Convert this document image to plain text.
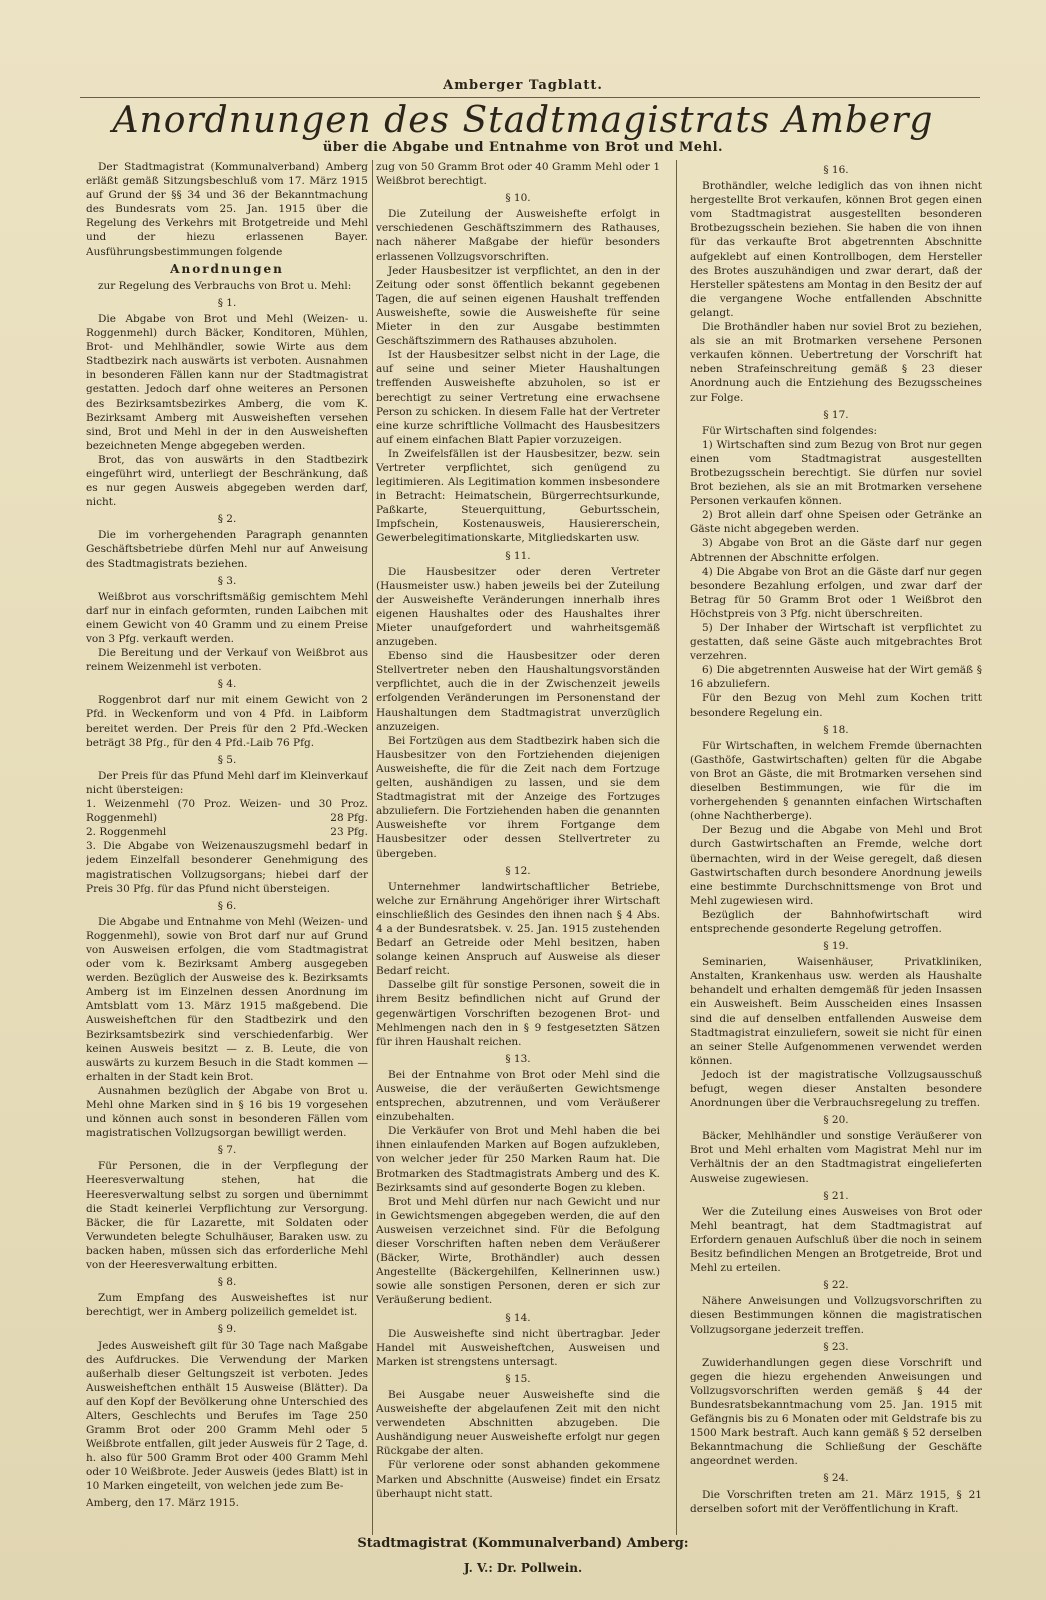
Amberger Tagblatt.
Anordnungen des Stadtmagistrats Amberg
über die Abgabe und Entnahme von Brot und Mehl.

Der Stadtmagistrat (Kommunalverband) Amberg erläßt gemäß Sitzungsbeschluß vom 17. März 1915 auf Grund der §§ 34 und 36 der Bekanntmachung des Bundesrats vom 25. Jan. 1915 über die Regelung des Verkehrs mit Brotgetreide und Mehl und der hiezu erlassenen Bayer. Ausführungsbestimmungen folgende

Anordnungen

zur Regelung des Verbrauchs von Brot u. Mehl:

§ 1.

Die Abgabe von Brot und Mehl (Weizen- u. Roggenmehl) durch Bäcker, Konditoren, Mühlen, Brot- und Mehlhändler, sowie Wirte aus dem Stadtbezirk nach auswärts ist verboten. Ausnahmen in besonderen Fällen kann nur der Stadtmagistrat gestatten. Jedoch darf ohne weiteres an Personen des Bezirksamtsbezirkes Amberg, die vom K. Bezirksamt Amberg mit Ausweisheften versehen sind, Brot und Mehl in der in den Ausweisheften bezeichneten Menge abgegeben werden.

Brot, das von auswärts in den Stadtbezirk eingeführt wird, unterliegt der Beschränkung, daß es nur gegen Ausweis abgegeben werden darf, nicht.

§ 2.

Die im vorhergehenden Paragraph genannten Geschäftsbetriebe dürfen Mehl nur auf Anweisung des Stadtmagistrats beziehen.

§ 3.

Weißbrot aus vorschriftsmäßig gemischtem Mehl darf nur in einfach geformten, runden Laibchen mit einem Gewicht von 40 Gramm und zu einem Preise von 3 Pfg. verkauft werden.

Die Bereitung und der Verkauf von Weißbrot aus reinem Weizenmehl ist verboten.

§ 4.

Roggenbrot darf nur mit einem Gewicht von 2 Pfd. in Weckenform und von 4 Pfd. in Laibform bereitet werden. Der Preis für den 2 Pfd.-Wecken beträgt 38 Pfg., für den 4 Pfd.-Laib 76 Pfg.

§ 5.

Der Preis für das Pfund Mehl darf im Kleinverkauf nicht übersteigen:

1. Weizenmehl (70 Proz. Weizen- und 30 Proz. Roggenmehl)	28 Pfg.
2. Roggenmehl	23 Pfg.
3. Die Abgabe von Weizenauszugsmehl bedarf in jedem Einzelfall besonderer Genehmigung des magistratischen Vollzugsorgans; hiebei darf der Preis 30 Pfg. für das Pfund nicht übersteigen.

§ 6.

Die Abgabe und Entnahme von Mehl (Weizen- und Roggenmehl), sowie von Brot darf nur auf Grund von Ausweisen erfolgen, die vom Stadtmagistrat oder vom k. Bezirksamt Amberg ausgegeben werden. Bezüglich der Ausweise des k. Bezirksamts Amberg ist im Einzelnen dessen Anordnung im Amtsblatt vom 13. März 1915 maßgebend. Die Ausweisheftchen für den Stadtbezirk und den Bezirksamtsbezirk sind verschiedenfarbig. Wer keinen Ausweis besitzt — z. B. Leute, die von auswärts zu kurzem Besuch in die Stadt kommen — erhalten in der Stadt kein Brot.

Ausnahmen bezüglich der Abgabe von Brot u. Mehl ohne Marken sind in § 16 bis 19 vorgesehen und können auch sonst in besonderen Fällen vom magistratischen Vollzugsorgan bewilligt werden.

§ 7.

Für Personen, die in der Verpflegung der Heeresverwaltung stehen, hat die Heeresverwaltung selbst zu sorgen und übernimmt die Stadt keinerlei Verpflichtung zur Versorgung. Bäcker, die für Lazarette, mit Soldaten oder Verwundeten belegte Schulhäuser, Baraken usw. zu backen haben, müssen sich das erforderliche Mehl von der Heeresverwaltung erbitten.

§ 8.

Zum Empfang des Ausweisheftes ist nur berechtigt, wer in Amberg polizeilich gemeldet ist.

§ 9.

Jedes Ausweisheft gilt für 30 Tage nach Maßgabe des Aufdruckes. Die Verwendung der Marken außerhalb dieser Geltungszeit ist verboten. Jedes Ausweisheftchen enthält 15 Ausweise (Blätter). Da auf den Kopf der Bevölkerung ohne Unterschied des Alters, Geschlechts und Berufes im Tage 250 Gramm Brot oder 200 Gramm Mehl oder 5 Weißbrote entfallen, gilt jeder Ausweis für 2 Tage, d. h. also für 500 Gramm Brot oder 400 Gramm Mehl oder 10 Weißbrote. Jeder Ausweis (jedes Blatt) ist in 10 Marken eingeteilt, von welchen jede zum Be-

Amberg, den 17. März 1915.

zug von 50 Gramm Brot oder 40 Gramm Mehl oder 1 Weißbrot berechtigt.

§ 10.

Die Zuteilung der Ausweishefte erfolgt in verschiedenen Geschäftszimmern des Rathauses, nach näherer Maßgabe der hiefür besonders erlassenen Vollzugsvorschriften.

Jeder Hausbesitzer ist verpflichtet, an den in der Zeitung oder sonst öffentlich bekannt gegebenen Tagen, die auf seinen eigenen Haushalt treffenden Ausweishefte, sowie die Ausweishefte für seine Mieter in den zur Ausgabe bestimmten Geschäftszimmern des Rathauses abzuholen.

Ist der Hausbesitzer selbst nicht in der Lage, die auf seine und seiner Mieter Haushaltungen treffenden Ausweishefte abzuholen, so ist er berechtigt zu seiner Vertretung eine erwachsene Person zu schicken. In diesem Falle hat der Vertreter eine kurze schriftliche Vollmacht des Hausbesitzers auf einem einfachen Blatt Papier vorzuzeigen.

In Zweifelsfällen ist der Hausbesitzer, bezw. sein Vertreter verpflichtet, sich genügend zu legitimieren. Als Legitimation kommen insbesondere in Betracht: Heimatschein, Bürgerrechtsurkunde, Paßkarte, Steuerquittung, Geburtsschein, Impfschein, Kostenausweis, Hausiererschein, Gewerbelegitimationskarte, Mitgliedskarten usw.

§ 11.

Die Hausbesitzer oder deren Vertreter (Hausmeister usw.) haben jeweils bei der Zuteilung der Ausweishefte Veränderungen innerhalb ihres eigenen Haushaltes oder des Haushaltes ihrer Mieter unaufgefordert und wahrheitsgemäß anzugeben.

Ebenso sind die Hausbesitzer oder deren Stellvertreter neben den Haushaltungsvorständen verpflichtet, auch die in der Zwischenzeit jeweils erfolgenden Veränderungen im Personenstand der Haushaltungen dem Stadtmagistrat unverzüglich anzuzeigen.

Bei Fortzügen aus dem Stadtbezirk haben sich die Hausbesitzer von den Fortziehenden diejenigen Ausweishefte, die für die Zeit nach dem Fortzuge gelten, aushändigen zu lassen, und sie dem Stadtmagistrat mit der Anzeige des Fortzuges abzuliefern. Die Fortziehenden haben die genannten Ausweishefte vor ihrem Fortgange dem Hausbesitzer oder dessen Stellvertreter zu übergeben.

§ 12.

Unternehmer landwirtschaftlicher Betriebe, welche zur Ernährung Angehöriger ihrer Wirtschaft einschließlich des Gesindes den ihnen nach § 4 Abs. 4 a der Bundesratsbek. v. 25. Jan. 1915 zustehenden Bedarf an Getreide oder Mehl besitzen, haben solange keinen Anspruch auf Ausweise als dieser Bedarf reicht.

Dasselbe gilt für sonstige Personen, soweit die in ihrem Besitz befindlichen nicht auf Grund der gegenwärtigen Vorschriften bezogenen Brot- und Mehlmengen nach den in § 9 festgesetzten Sätzen für ihren Haushalt reichen.

§ 13.

Bei der Entnahme von Brot oder Mehl sind die Ausweise, die der veräußerten Gewichtsmenge entsprechen, abzutrennen, und vom Veräußerer einzubehalten.

Die Verkäufer von Brot und Mehl haben die bei ihnen einlaufenden Marken auf Bogen aufzukleben, von welcher jeder für 250 Marken Raum hat. Die Brotmarken des Stadtmagistrats Amberg und des K. Bezirksamts sind auf gesonderte Bogen zu kleben.

Brot und Mehl dürfen nur nach Gewicht und nur in Gewichtsmengen abgegeben werden, die auf den Ausweisen verzeichnet sind. Für die Befolgung dieser Vorschriften haften neben dem Veräußerer (Bäcker, Wirte, Brothändler) auch dessen Angestellte (Bäckergehilfen, Kellnerinnen usw.) sowie alle sonstigen Personen, deren er sich zur Veräußerung bedient.

§ 14.

Die Ausweishefte sind nicht übertragbar. Jeder Handel mit Ausweisheftchen, Ausweisen und Marken ist strengstens untersagt.

§ 15.

Bei Ausgabe neuer Ausweishefte sind die Ausweishefte der abgelaufenen Zeit mit den nicht verwendeten Abschnitten abzugeben. Die Aushändigung neuer Ausweishefte erfolgt nur gegen Rückgabe der alten.

Für verlorene oder sonst abhanden gekommene Marken und Abschnitte (Ausweise) findet ein Ersatz überhaupt nicht statt.

§ 16.

Brothändler, welche lediglich das von ihnen nicht hergestellte Brot verkaufen, können Brot gegen einen vom Stadtmagistrat ausgestellten besonderen Brotbezugsschein beziehen. Sie haben die von ihnen für das verkaufte Brot abgetrennten Abschnitte aufgeklebt auf einen Kontrollbogen, dem Hersteller des Brotes auszuhändigen und zwar derart, daß der Hersteller spätestens am Montag in den Besitz der auf die vergangene Woche entfallenden Abschnitte gelangt.

Die Brothändler haben nur soviel Brot zu beziehen, als sie an mit Brotmarken versehene Personen verkaufen können. Uebertretung der Vorschrift hat neben Strafeinschreitung gemäß § 23 dieser Anordnung auch die Entziehung des Bezugsscheines zur Folge.

§ 17.

Für Wirtschaften sind folgendes:

1) Wirtschaften sind zum Bezug von Brot nur gegen einen vom Stadtmagistrat ausgestellten Brotbezugsschein berechtigt. Sie dürfen nur soviel Brot beziehen, als sie an mit Brotmarken versehene Personen verkaufen können.

2) Brot allein darf ohne Speisen oder Getränke an Gäste nicht abgegeben werden.

3) Abgabe von Brot an die Gäste darf nur gegen Abtrennen der Abschnitte erfolgen.

4) Die Abgabe von Brot an die Gäste darf nur gegen besondere Bezahlung erfolgen, und zwar darf der Betrag für 50 Gramm Brot oder 1 Weißbrot den Höchstpreis von 3 Pfg. nicht überschreiten.

5) Der Inhaber der Wirtschaft ist verpflichtet zu gestatten, daß seine Gäste auch mitgebrachtes Brot verzehren.

6) Die abgetrennten Ausweise hat der Wirt gemäß § 16 abzuliefern.

Für den Bezug von Mehl zum Kochen tritt besondere Regelung ein.

§ 18.

Für Wirtschaften, in welchem Fremde übernachten (Gasthöfe, Gastwirtschaften) gelten für die Abgabe von Brot an Gäste, die mit Brotmarken versehen sind dieselben Bestimmungen, wie für die im vorhergehenden § genannten einfachen Wirtschaften (ohne Nachtherberge).

Der Bezug und die Abgabe von Mehl und Brot durch Gastwirtschaften an Fremde, welche dort übernachten, wird in der Weise geregelt, daß diesen Gastwirtschaften durch besondere Anordnung jeweils eine bestimmte Durchschnittsmenge von Brot und Mehl zugewiesen wird.

Bezüglich der Bahnhofwirtschaft wird entsprechende gesonderte Regelung getroffen.

§ 19.

Seminarien, Waisenhäuser, Privatkliniken, Anstalten, Krankenhaus usw. werden als Haushalte behandelt und erhalten demgemäß für jeden Insassen ein Ausweisheft. Beim Ausscheiden eines Insassen sind die auf denselben entfallenden Ausweise dem Stadtmagistrat einzuliefern, soweit sie nicht für einen an seiner Stelle Aufgenommenen verwendet werden können.

Jedoch ist der magistratische Vollzugsausschuß befugt, wegen dieser Anstalten besondere Anordnungen über die Verbrauchsregelung zu treffen.

§ 20.

Bäcker, Mehlhändler und sonstige Veräußerer von Brot und Mehl erhalten vom Magistrat Mehl nur im Verhältnis der an den Stadtmagistrat eingelieferten Ausweise zugewiesen.

§ 21.

Wer die Zuteilung eines Ausweises von Brot oder Mehl beantragt, hat dem Stadtmagistrat auf Erfordern genauen Aufschluß über die noch in seinem Besitz befindlichen Mengen an Brotgetreide, Brot und Mehl zu erteilen.

§ 22.

Nähere Anweisungen und Vollzugsvorschriften zu diesen Bestimmungen können die magistratischen Vollzugsorgane jederzeit treffen.

§ 23.

Zuwiderhandlungen gegen diese Vorschrift und gegen die hiezu ergehenden Anweisungen und Vollzugsvorschriften werden gemäß § 44 der Bundesratsbekanntmachung vom 25. Jan. 1915 mit Gefängnis bis zu 6 Monaten oder mit Geldstrafe bis zu 1500 Mark bestraft. Auch kann gemäß § 52 derselben Bekanntmachung die Schließung der Geschäfte angeordnet werden.

§ 24.

Die Vorschriften treten am 21. März 1915, § 21 derselben sofort mit der Veröffentlichung in Kraft.

Stadtmagistrat (Kommunalverband) Amberg:
J. V.: Dr. Pollwein.
